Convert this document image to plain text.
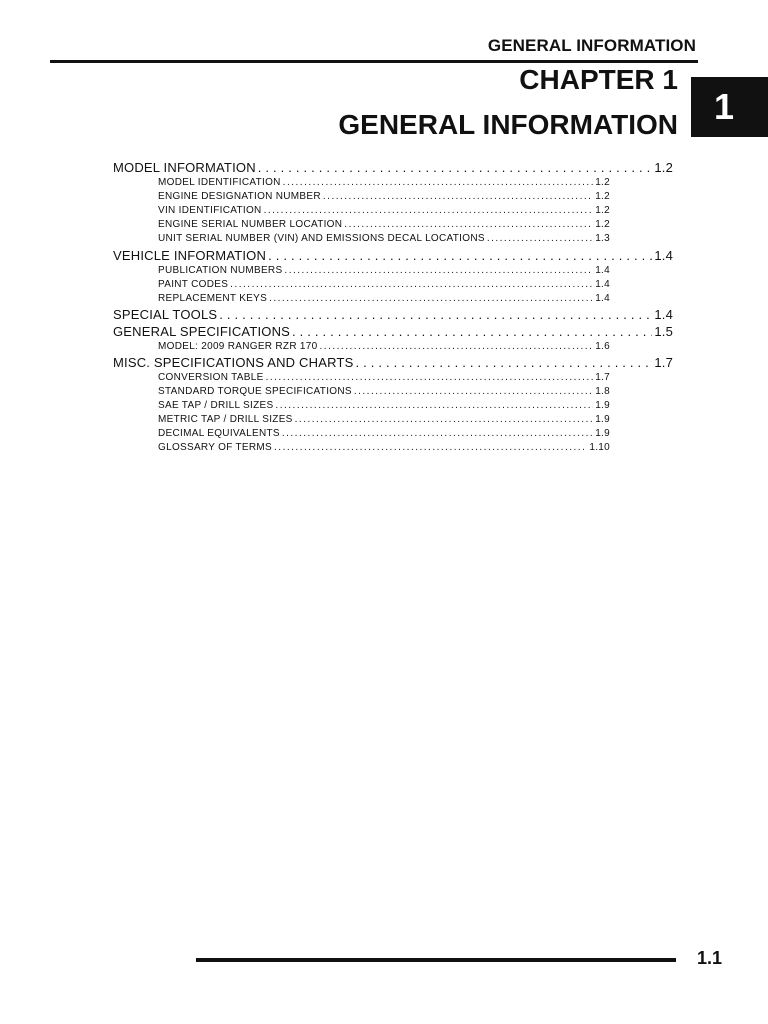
GENERAL INFORMATION
CHAPTER 1
GENERAL INFORMATION	1
MODEL INFORMATION . . .	1.2
MODEL IDENTIFICATION .....	1.2
ENGINE DESIGNATION NUMBER .....	1.2
VIN IDENTIFICATION .....	1.2
ENGINE SERIAL NUMBER LOCATION .....	1.2
UNIT SERIAL NUMBER (VIN) AND EMISSIONS DECAL LOCATIONS .....	1.3
VEHICLE INFORMATION . . .	1.4
PUBLICATION NUMBERS .....	1.4
PAINT CODES .....	1.4
REPLACEMENT KEYS .....	1.4
SPECIAL TOOLS . . .	1.4
GENERAL SPECIFICATIONS . . .	1.5
MODEL: 2009 RANGER RZR 170 .....	1.6
MISC. SPECIFICATIONS AND CHARTS . . .	1.7
CONVERSION TABLE .....	1.7
STANDARD TORQUE SPECIFICATIONS .....	1.8
SAE TAP / DRILL SIZES .....	1.9
METRIC TAP / DRILL SIZES .....	1.9
DECIMAL EQUIVALENTS .....	1.9
GLOSSARY OF TERMS .....	1.10
1.1
